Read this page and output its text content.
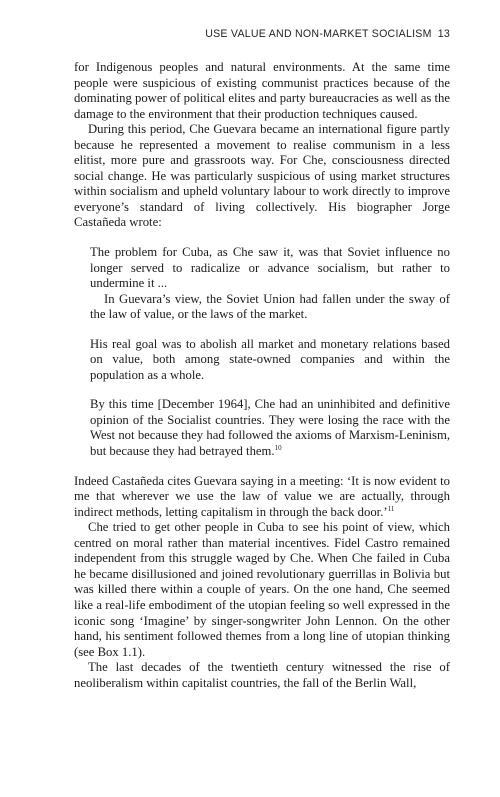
USE VALUE AND NON-MARKET SOCIALISM 13

for Indigenous peoples and natural environments. At the same time people were suspicious of existing communist practices because of the dominating power of political elites and party bureaucracies as well as the damage to the environment that their production techniques caused.

During this period, Che Guevara became an international figure partly because he represented a movement to realise communism in a less elitist, more pure and grassroots way. For Che, consciousness directed social change. He was particularly suspicious of using market structures within socialism and upheld voluntary labour to work directly to improve everyone’s standard of living collectively. His biographer Jorge Castañeda wrote:

The problem for Cuba, as Che saw it, was that Soviet influence no longer served to radicalize or advance socialism, but rather to undermine it ...

In Guevara’s view, the Soviet Union had fallen under the sway of the law of value, or the laws of the market.

His real goal was to abolish all market and monetary relations based on value, both among state-owned companies and within the population as a whole.

By this time [December 1964], Che had an uninhibited and definitive opinion of the Socialist countries. They were losing the race with the West not because they had followed the axioms of Marxism-Leninism, but because they had betrayed them.$^{10}$

Indeed Castañeda cites Guevara saying in a meeting: ‘It is now evident to me that wherever we use the law of value we are actually, through indirect methods, letting capitalism in through the back door.’$^{11}$

Che tried to get other people in Cuba to see his point of view, which centred on moral rather than material incentives. Fidel Castro remained independent from this struggle waged by Che. When Che failed in Cuba he became disillusioned and joined revolutionary guerrillas in Bolivia but was killed there within a couple of years. On the one hand, Che seemed like a real-life embodiment of the utopian feeling so well expressed in the iconic song ‘Imagine’ by singer-songwriter John Lennon. On the other hand, his sentiment followed themes from a long line of utopian thinking (see Box 1.1).

The last decades of the twentieth century witnessed the rise of neoliberalism within capitalist countries, the fall of the Berlin Wall,
